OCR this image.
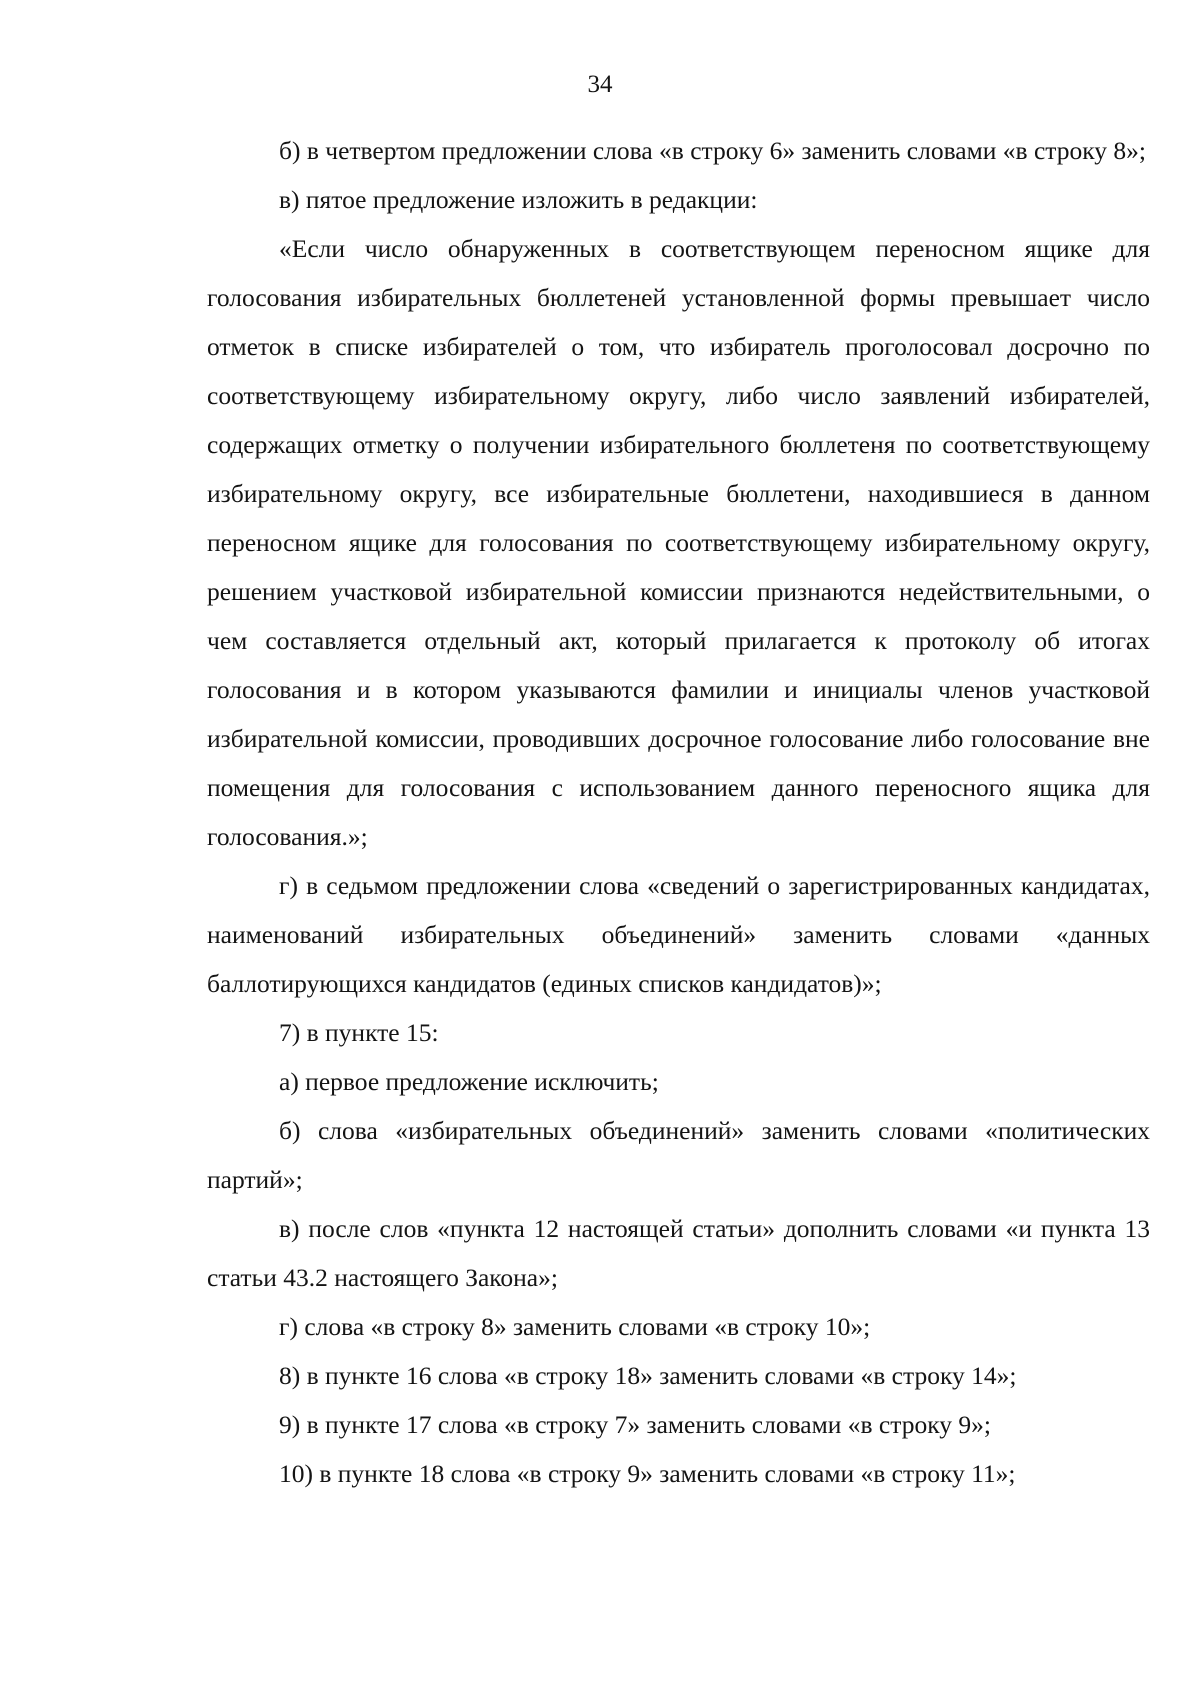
34

б) в четвертом предложении слова «в строку 6» заменить словами «в строку 8»;

в) пятое предложение изложить в редакции:

«Если число обнаруженных в соответствующем переносном ящике для голосования избирательных бюллетеней установленной формы превышает число отметок в списке избирателей о том, что избиратель проголосовал досрочно по соответствующему избирательному округу, либо число заявлений избирателей, содержащих отметку о получении избирательного бюллетеня по соответствующему избирательному округу, все избирательные бюллетени, находившиеся в данном переносном ящике для голосования по соответствующему избирательному округу, решением участковой избирательной комиссии признаются недействительными, о чем составляется отдельный акт, который прилагается к протоколу об итогах голосования и в котором указываются фамилии и инициалы членов участковой избирательной комиссии, проводивших досрочное голосование либо голосование вне помещения для голосования с использованием данного переносного ящика для голосования.»;

г) в седьмом предложении слова «сведений о зарегистрированных кандидатах, наименований избирательных объединений» заменить словами «данных баллотирующихся кандидатов (единых списков кандидатов)»;

7) в пункте 15:

а) первое предложение исключить;

б) слова «избирательных объединений» заменить словами «политических партий»;

в) после слов «пункта 12 настоящей статьи» дополнить словами «и пункта 13 статьи 43.2 настоящего Закона»;

г) слова «в строку 8» заменить словами «в строку 10»;

8) в пункте 16 слова «в строку 18» заменить словами «в строку 14»;

9) в пункте 17 слова «в строку 7» заменить словами «в строку 9»;

10) в пункте 18 слова «в строку 9» заменить словами «в строку 11»;
